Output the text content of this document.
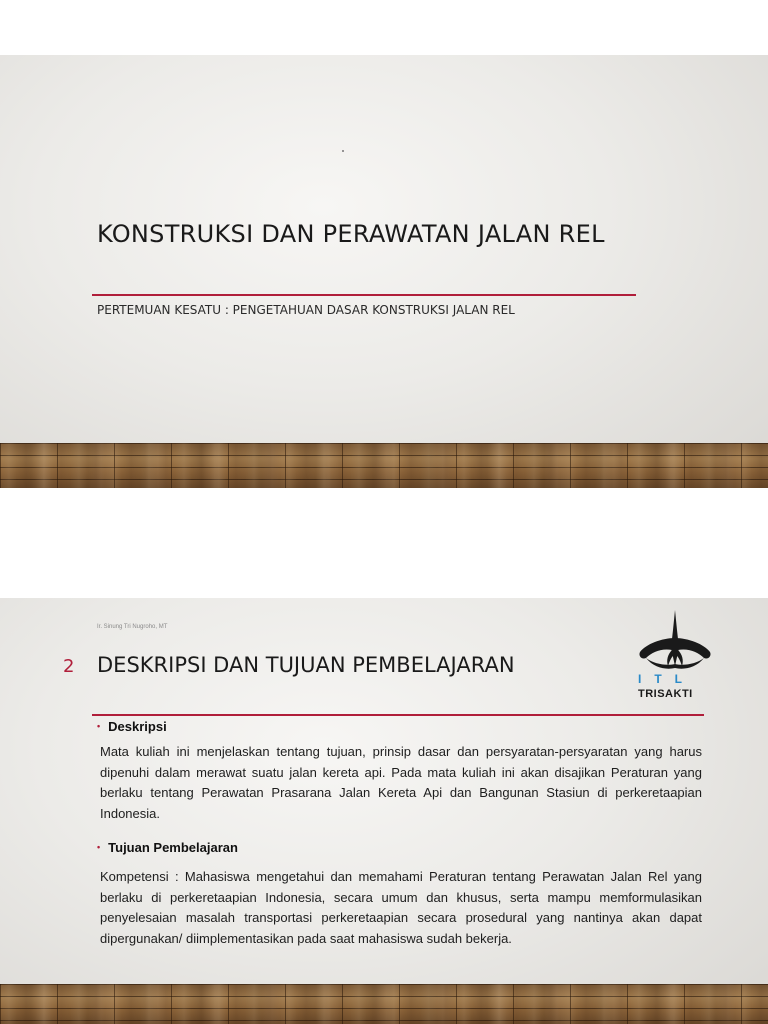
KONSTRUKSI DAN PERAWATAN JALAN REL
PERTEMUAN KESATU : PENGETAHUAN DASAR KONSTRUKSI JALAN REL
Ir. Sinung Tri Nugroho, MT
2 DESKRIPSI DAN TUJUAN PEMBELAJARAN
ITL
TRISAKTI
• Deskripsi
Mata kuliah ini menjelaskan tentang tujuan, prinsip dasar dan persyaratan-persyaratan yang harus dipenuhi dalam merawat suatu jalan kereta api. Pada mata kuliah ini akan disajikan Peraturan yang berlaku tentang Perawatan Prasarana Jalan Kereta Api dan Bangunan Stasiun di perkeretaapian Indonesia.
• Tujuan Pembelajaran
Kompetensi : Mahasiswa mengetahui dan memahami Peraturan tentang Perawatan Jalan Rel yang berlaku di perkeretaapian Indonesia, secara umum dan khusus, serta mampu memformulasikan penyelesaian masalah transportasi perkeretaapian secara prosedural yang nantinya akan dapat dipergunakan/ diimplementasikan pada saat mahasiswa sudah bekerja.
